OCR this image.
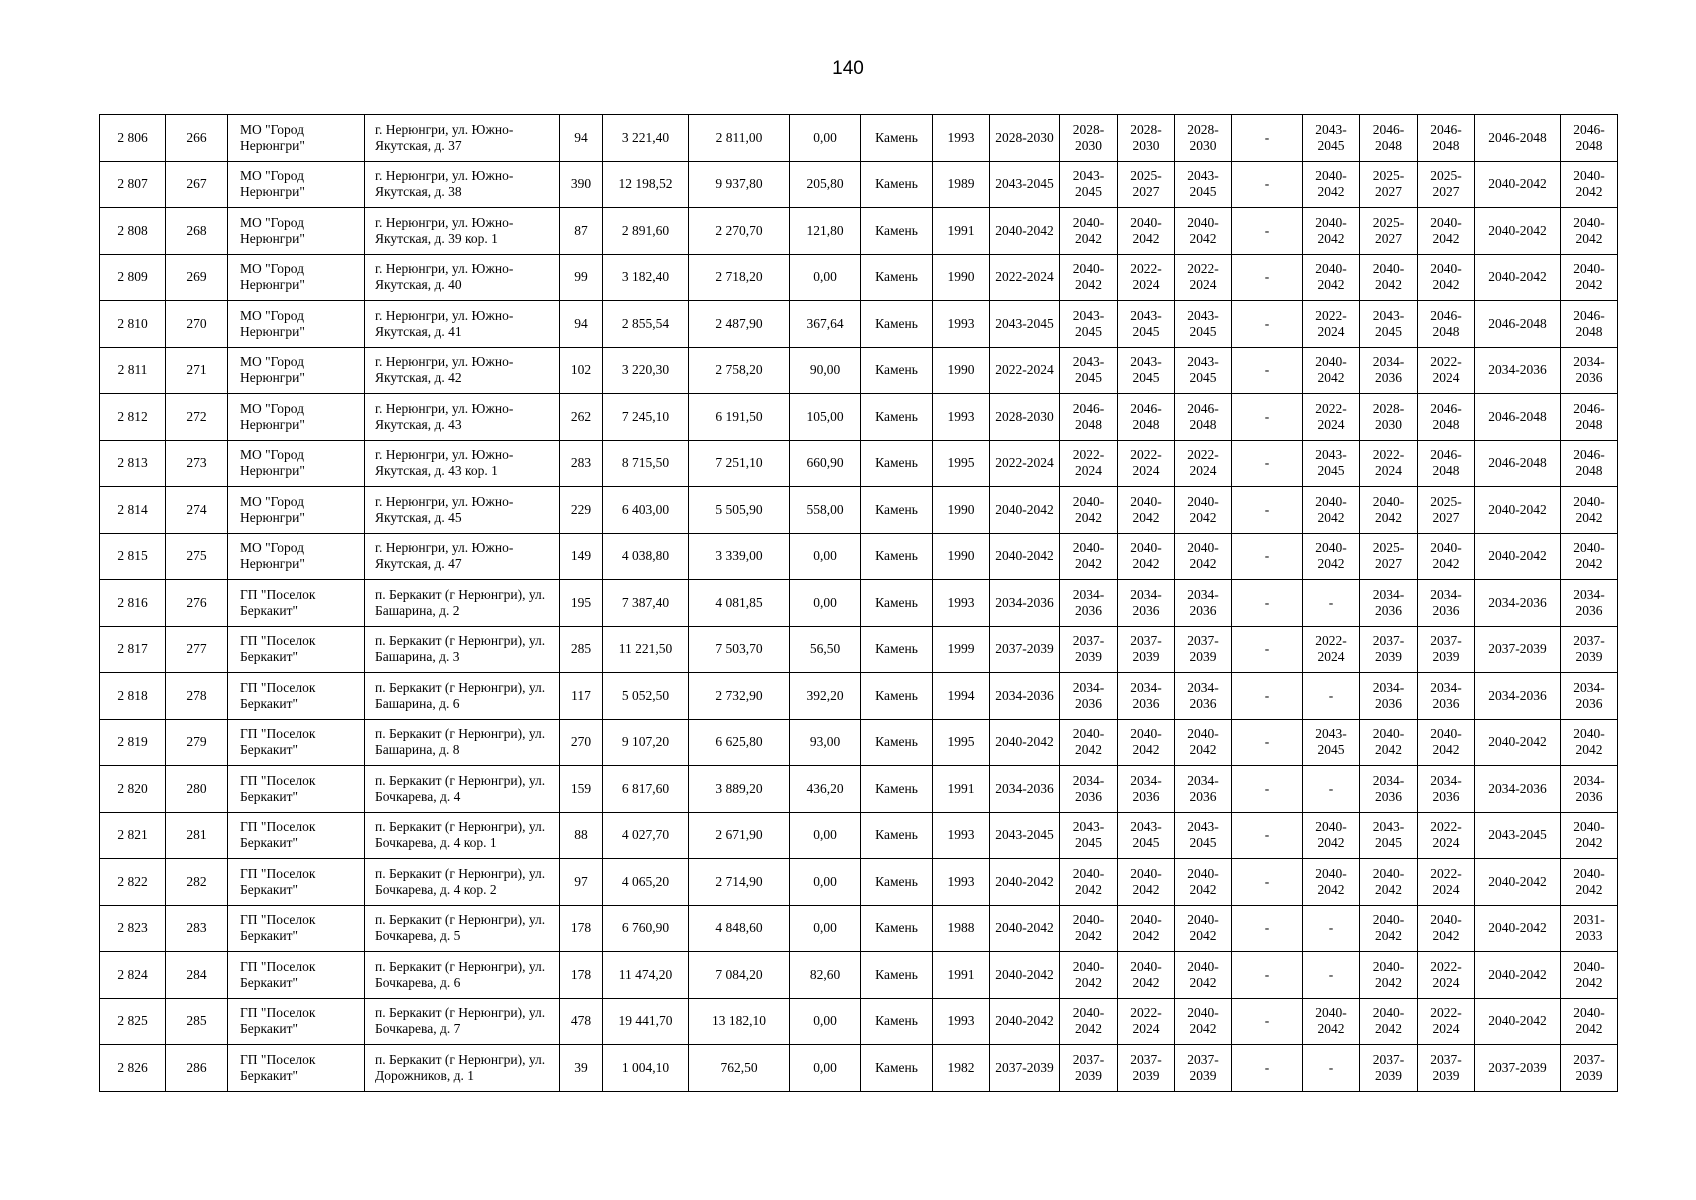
140
2 806	266	МО "Город Нерюнгри"	г. Нерюнгри, ул. Южно-Якутская, д. 37	94	3 221,40	2 811,00	0,00	Камень	1993	2028-2030	2028-2030	2028-2030	2028-2030	-	2043-2045	2046-2048	2046-2048	2046-2048	2046-2048
2 807	267	МО "Город Нерюнгри"	г. Нерюнгри, ул. Южно-Якутская, д. 38	390	12 198,52	9 937,80	205,80	Камень	1989	2043-2045	2043-2045	2025-2027	2043-2045	-	2040-2042	2025-2027	2025-2027	2040-2042	2040-2042
2 808	268	МО "Город Нерюнгри"	г. Нерюнгри, ул. Южно-Якутская, д. 39 кор. 1	87	2 891,60	2 270,70	121,80	Камень	1991	2040-2042	2040-2042	2040-2042	2040-2042	-	2040-2042	2025-2027	2040-2042	2040-2042	2040-2042
2 809	269	МО "Город Нерюнгри"	г. Нерюнгри, ул. Южно-Якутская, д. 40	99	3 182,40	2 718,20	0,00	Камень	1990	2022-2024	2040-2042	2022-2024	2022-2024	-	2040-2042	2040-2042	2040-2042	2040-2042	2040-2042
2 810	270	МО "Город Нерюнгри"	г. Нерюнгри, ул. Южно-Якутская, д. 41	94	2 855,54	2 487,90	367,64	Камень	1993	2043-2045	2043-2045	2043-2045	2043-2045	-	2022-2024	2043-2045	2046-2048	2046-2048	2046-2048
2 811	271	МО "Город Нерюнгри"	г. Нерюнгри, ул. Южно-Якутская, д. 42	102	3 220,30	2 758,20	90,00	Камень	1990	2022-2024	2043-2045	2043-2045	2043-2045	-	2040-2042	2034-2036	2022-2024	2034-2036	2034-2036
2 812	272	МО "Город Нерюнгри"	г. Нерюнгри, ул. Южно-Якутская, д. 43	262	7 245,10	6 191,50	105,00	Камень	1993	2028-2030	2046-2048	2046-2048	2046-2048	-	2022-2024	2028-2030	2046-2048	2046-2048	2046-2048
2 813	273	МО "Город Нерюнгри"	г. Нерюнгри, ул. Южно-Якутская, д. 43 кор. 1	283	8 715,50	7 251,10	660,90	Камень	1995	2022-2024	2022-2024	2022-2024	2022-2024	-	2043-2045	2022-2024	2046-2048	2046-2048	2046-2048
2 814	274	МО "Город Нерюнгри"	г. Нерюнгри, ул. Южно-Якутская, д. 45	229	6 403,00	5 505,90	558,00	Камень	1990	2040-2042	2040-2042	2040-2042	2040-2042	-	2040-2042	2040-2042	2025-2027	2040-2042	2040-2042
2 815	275	МО "Город Нерюнгри"	г. Нерюнгри, ул. Южно-Якутская, д. 47	149	4 038,80	3 339,00	0,00	Камень	1990	2040-2042	2040-2042	2040-2042	2040-2042	-	2040-2042	2025-2027	2040-2042	2040-2042	2040-2042
2 816	276	ГП "Поселок Беркакит"	п. Беркакит (г Нерюнгри), ул. Башарина, д. 2	195	7 387,40	4 081,85	0,00	Камень	1993	2034-2036	2034-2036	2034-2036	2034-2036	-	-	2034-2036	2034-2036	2034-2036	2034-2036
2 817	277	ГП "Поселок Беркакит"	п. Беркакит (г Нерюнгри), ул. Башарина, д. 3	285	11 221,50	7 503,70	56,50	Камень	1999	2037-2039	2037-2039	2037-2039	2037-2039	-	2022-2024	2037-2039	2037-2039	2037-2039	2037-2039
2 818	278	ГП "Поселок Беркакит"	п. Беркакит (г Нерюнгри), ул. Башарина, д. 6	117	5 052,50	2 732,90	392,20	Камень	1994	2034-2036	2034-2036	2034-2036	2034-2036	-	-	2034-2036	2034-2036	2034-2036	2034-2036
2 819	279	ГП "Поселок Беркакит"	п. Беркакит (г Нерюнгри), ул. Башарина, д. 8	270	9 107,20	6 625,80	93,00	Камень	1995	2040-2042	2040-2042	2040-2042	2040-2042	-	2043-2045	2040-2042	2040-2042	2040-2042	2040-2042
2 820	280	ГП "Поселок Беркакит"	п. Беркакит (г Нерюнгри), ул. Бочкарева, д. 4	159	6 817,60	3 889,20	436,20	Камень	1991	2034-2036	2034-2036	2034-2036	2034-2036	-	-	2034-2036	2034-2036	2034-2036	2034-2036
2 821	281	ГП "Поселок Беркакит"	п. Беркакит (г Нерюнгри), ул. Бочкарева, д. 4 кор. 1	88	4 027,70	2 671,90	0,00	Камень	1993	2043-2045	2043-2045	2043-2045	2043-2045	-	2040-2042	2043-2045	2022-2024	2043-2045	2040-2042
2 822	282	ГП "Поселок Беркакит"	п. Беркакит (г Нерюнгри), ул. Бочкарева, д. 4 кор. 2	97	4 065,20	2 714,90	0,00	Камень	1993	2040-2042	2040-2042	2040-2042	2040-2042	-	2040-2042	2040-2042	2022-2024	2040-2042	2040-2042
2 823	283	ГП "Поселок Беркакит"	п. Беркакит (г Нерюнгри), ул. Бочкарева, д. 5	178	6 760,90	4 848,60	0,00	Камень	1988	2040-2042	2040-2042	2040-2042	2040-2042	-	-	2040-2042	2040-2042	2040-2042	2031-2033
2 824	284	ГП "Поселок Беркакит"	п. Беркакит (г Нерюнгри), ул. Бочкарева, д. 6	178	11 474,20	7 084,20	82,60	Камень	1991	2040-2042	2040-2042	2040-2042	2040-2042	-	-	2040-2042	2022-2024	2040-2042	2040-2042
2 825	285	ГП "Поселок Беркакит"	п. Беркакит (г Нерюнгри), ул. Бочкарева, д. 7	478	19 441,70	13 182,10	0,00	Камень	1993	2040-2042	2040-2042	2022-2024	2040-2042	-	2040-2042	2040-2042	2022-2024	2040-2042	2040-2042
2 826	286	ГП "Поселок Беркакит"	п. Беркакит (г Нерюнгри), ул. Дорожников, д. 1	39	1 004,10	762,50	0,00	Камень	1982	2037-2039	2037-2039	2037-2039	2037-2039	-	-	2037-2039	2037-2039	2037-2039	2037-2039
